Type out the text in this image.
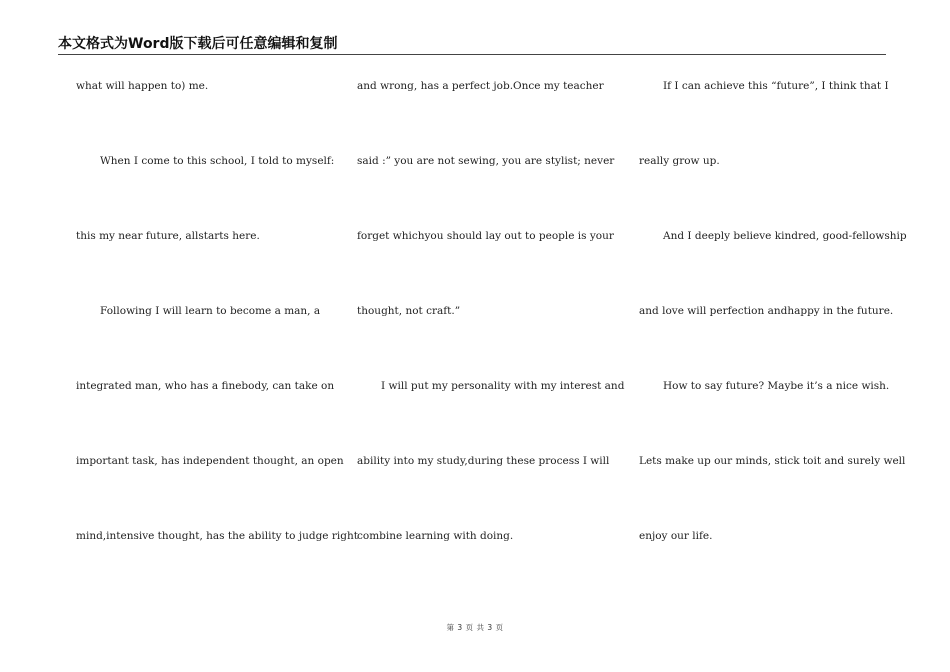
本文格式为Word版下载后可任意编辑和复制
what will happen to) me.
When I come to this school, I told to myself:
this my near future, allstarts here.
Following I will learn to become a man, a
integrated man, who has a finebody, can take on
important task, has independent thought, an open
mind,intensive thought, has the ability to judge right
and wrong, has a perfect job.Once my teacher
said :” you are not sewing, you are stylist; never
forget whichyou should lay out to people is your
thought, not craft.”
I will put my personality with my interest and
ability into my study,during these process I will
combine learning with doing.
If I can achieve this “future”, I think that I
really grow up.
And I deeply believe kindred, good-fellowship
and love will perfection andhappy in the future.
How to say future? Maybe it’s a nice wish.
Lets make up our minds, stick toit and surely well
enjoy our life.
第 3 页 共 3 页
